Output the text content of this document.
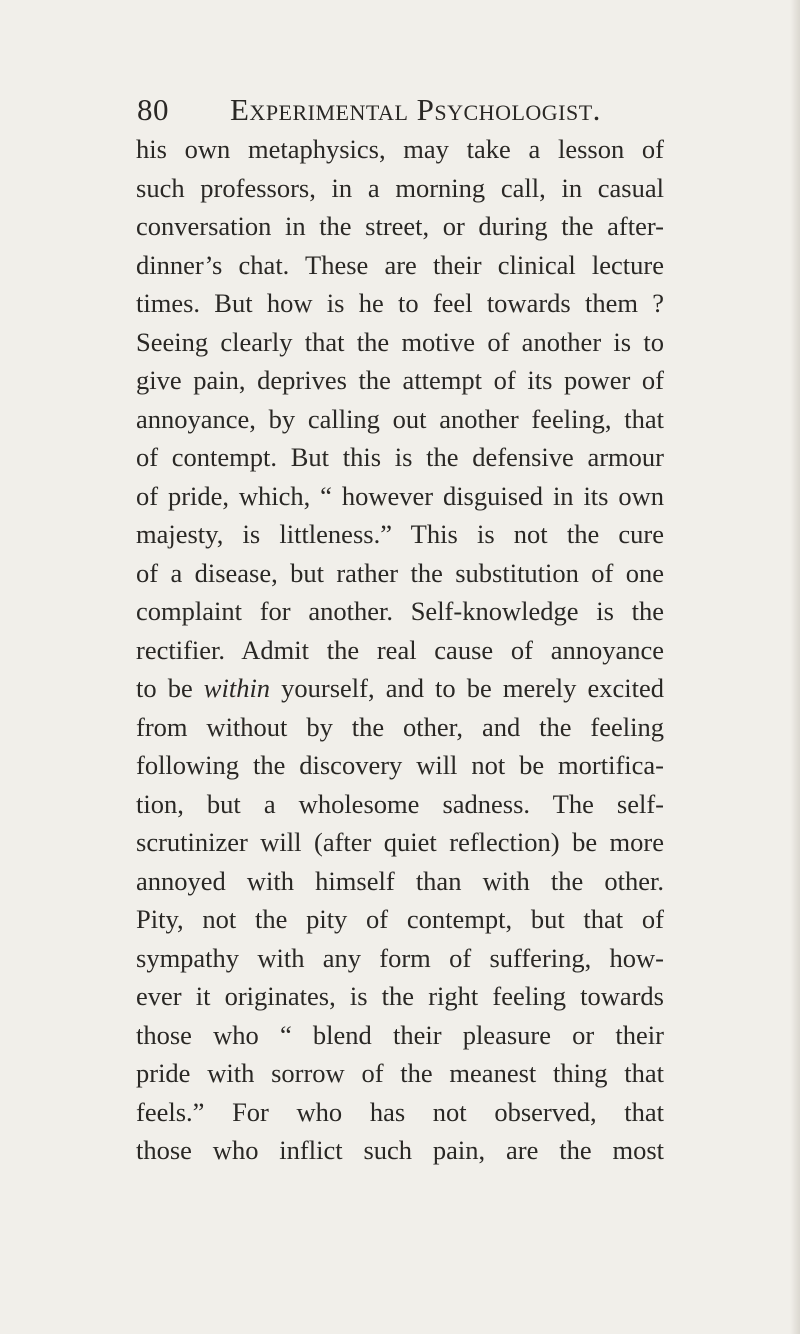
80 Experimental Psychologist.
his own metaphysics, may take a lesson of
such professors, in a morning call, in casual
conversation in the street, or during the after-
dinner’s chat. These are their clinical lecture
times. But how is he to feel towards them ?
Seeing clearly that the motive of another is to
give pain, deprives the attempt of its power of
annoyance, by calling out another feeling, that
of contempt. But this is the defensive armour
of pride, which, “ however disguised in its own
majesty, is littleness.” This is not the cure
of a disease, but rather the substitution of one
complaint for another. Self-knowledge is the
rectifier. Admit the real cause of annoyance
to be within yourself, and to be merely excited
from without by the other, and the feeling
following the discovery will not be mortifica-
tion, but a wholesome sadness. The self-
scrutinizer will (after quiet reflection) be more
annoyed with himself than with the other.
Pity, not the pity of contempt, but that of
sympathy with any form of suffering, how-
ever it originates, is the right feeling towards
those who “ blend their pleasure or their
pride with sorrow of the meanest thing that
feels.” For who has not observed, that
those who inflict such pain, are the most
